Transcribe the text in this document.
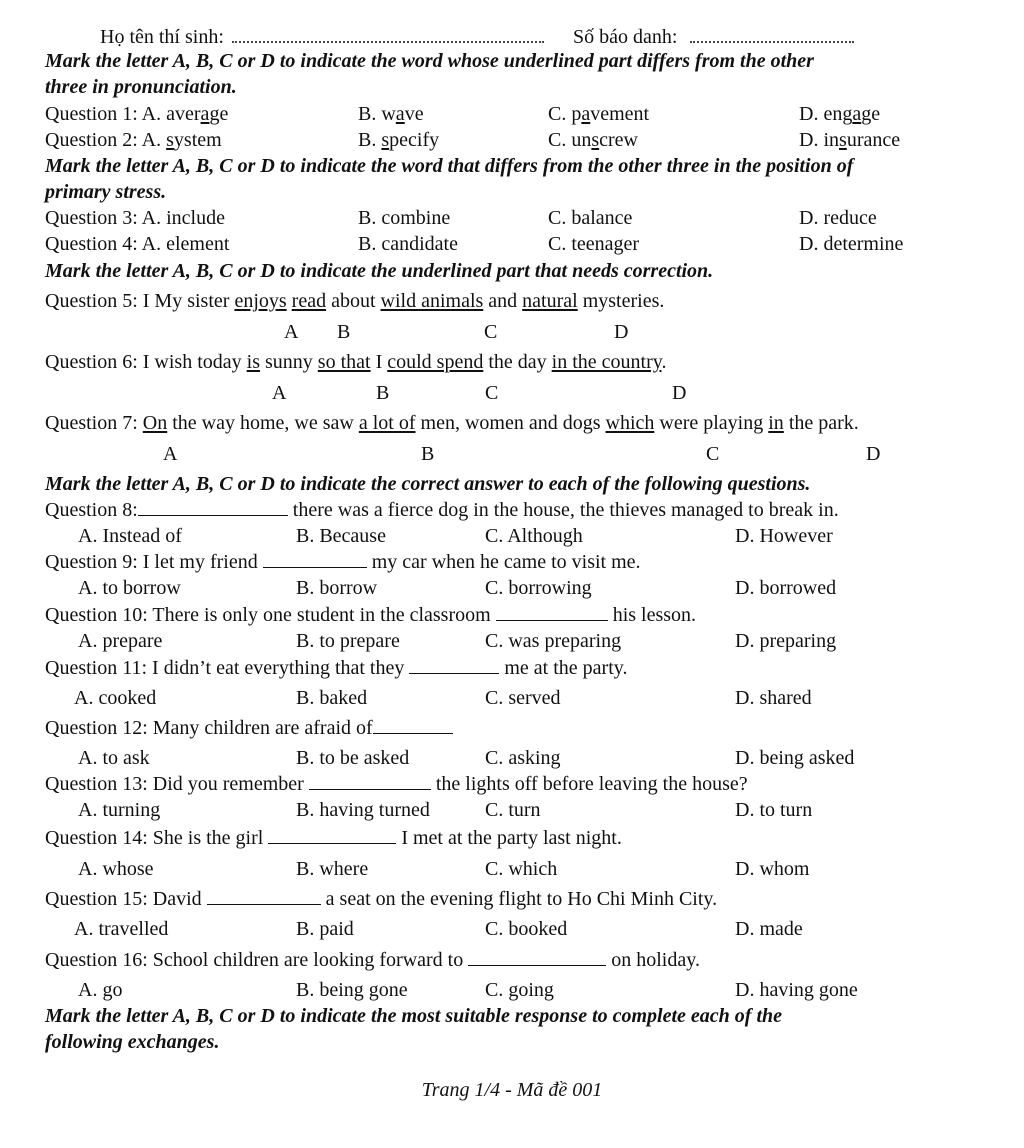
Họ tên thí sinh:	Số báo danh:
Mark the letter A, B, C or D to indicate the word whose underlined part differs from the other
three in pronunciation.
Question 1: A. average	B. wave	C. pavement	D. engage
Question 2: A. system	B. specify	C. unscrew	D. insurance
Mark the letter A, B, C or D to indicate the word that differs from the other three in the position of
primary stress.
Question 3: A. include	B. combine	C. balance	D. reduce
Question 4: A. element	B. candidate	C. teenager	D. determine
Mark the letter A, B, C or D to indicate the underlined part that needs correction.
Question 5: I My sister enjoys read about wild animals and natural mysteries.
A B	C	D
Question 6: I wish today is sunny so that I could spend the day in the country.
A	B	C	D
Question 7: On the way home, we saw a lot of men, women and dogs which were playing in the park.
A	B	C	D
Mark the letter A, B, C or D to indicate the correct answer to each of the following questions.
Question 8:	there was a fierce dog in the house, the thieves managed to break in.
A. Instead of	B. Because	C. Although	D. However
Question 9: I let my friend	my car when he came to visit me.
A. to borrow	B. borrow	C. borrowing	D. borrowed
Question 10: There is only one student in the classroom	his lesson.
A. prepare	B. to prepare	C. was preparing	D. preparing
Question 11: I didn’t eat everything that they	me at the party.
A. cooked	B. baked	C. served	D. shared
Question 12: Many children are afraid of
A. to ask	B. to be asked	C. asking	D. being asked
Question 13: Did you remember	the lights off before leaving the house?
A. turning	B. having turned	C. turn	D. to turn
Question 14: She is the girl	I met at the party last night.
A. whose	B. where	C. which	D. whom
Question 15: David	a seat on the evening flight to Ho Chi Minh City.
A. travelled	B. paid	C. booked	D. made
Question 16: School children are looking forward to	on holiday.
A. go	B. being gone	C. going	D. having gone
Mark the letter A, B, C or D to indicate the most suitable response to complete each of the
following exchanges.
Trang 1/4 - Mã đề 001
